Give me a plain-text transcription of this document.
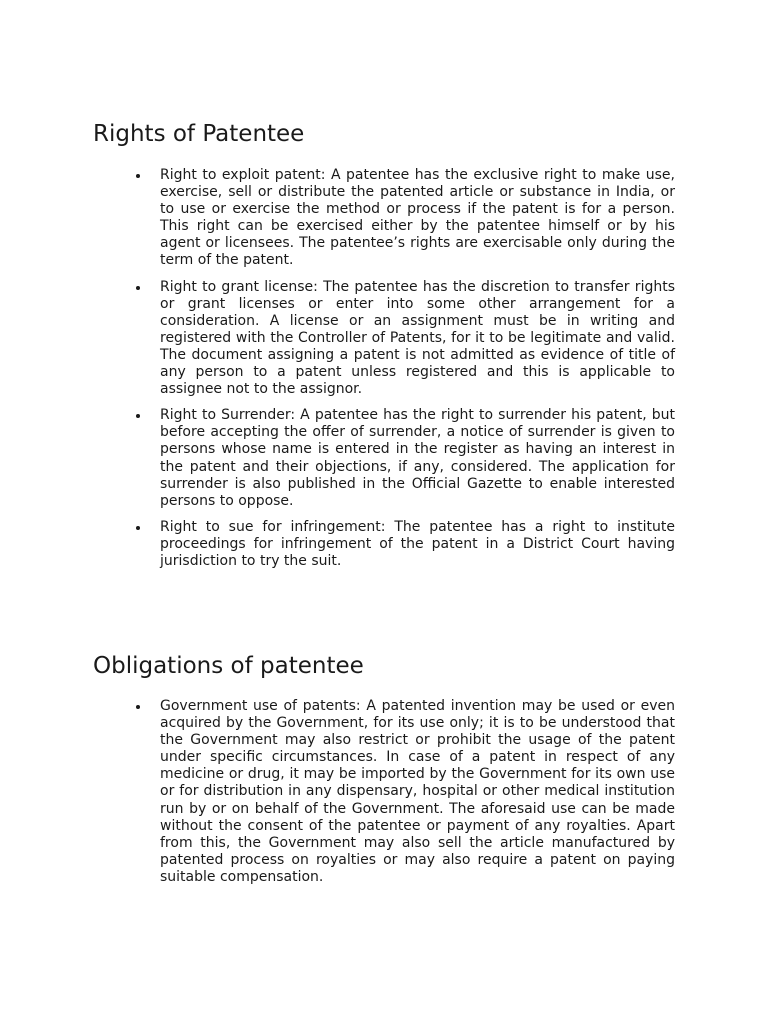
Rights of Patentee
Right to exploit patent: A patentee has the exclusive right to make use, exercise, sell or distribute the patented article or substance in India, or to use or exercise the method or process if the patent is for a person. This right can be exercised either by the patentee himself or by his agent or licensees. The patentee’s rights are exercisable only during the term of the patent.
Right to grant license: The patentee has the discretion to transfer rights or grant licenses or enter into some other arrangement for a consideration. A license or an assignment must be in writing and registered with the Controller of Patents, for it to be legitimate and valid. The document assigning a patent is not admitted as evidence of title of any person to a patent unless registered and this is applicable to assignee not to the assignor.
Right to Surrender: A patentee has the right to surrender his patent, but before accepting the offer of surrender, a notice of surrender is given to persons whose name is entered in the register as having an interest in the patent and their objections, if any, considered. The application for surrender is also published in the Official Gazette to enable interested persons to oppose.
Right to sue for infringement: The patentee has a right to institute proceedings for infringement of the patent in a District Court having jurisdiction to try the suit.
Obligations of patentee
Government use of patents: A patented invention may be used or even acquired by the Government, for its use only; it is to be understood that the Government may also restrict or prohibit the usage of the patent under specific circumstances. In case of a patent in respect of any medicine or drug, it may be imported by the Government for its own use or for distribution in any dispensary, hospital or other medical institution run by or on behalf of the Government. The aforesaid use can be made without the consent of the patentee or payment of any royalties. Apart from this, the Government may also sell the article manufactured by patented process on royalties or may also require a patent on paying suitable compensation.
